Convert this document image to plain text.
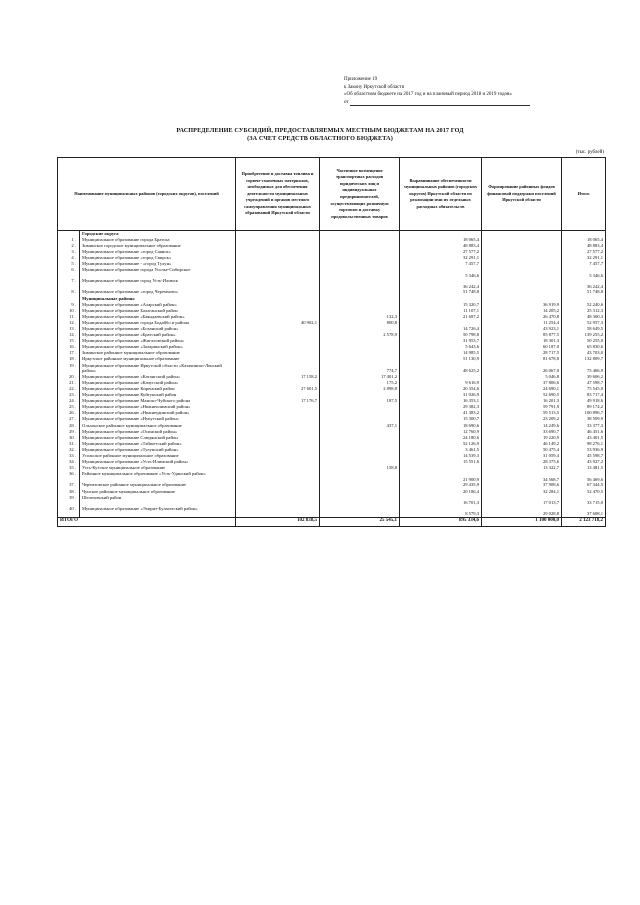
Приложение 19
к Закону Иркутской области
«Об областном бюджете на 2017 год и на плановый период 2018 и 2019 годов»
от
РАСПРЕДЕЛЕНИЕ СУБСИДИЙ, ПРЕДОСТАВЛЯЕМЫХ МЕСТНЫМ БЮДЖЕТАМ НА 2017 ГОД
(ЗА СЧЕТ СРЕДСТВ ОБЛАСТНОГО БЮДЖЕТА)
(тыс. рублей)
Наименование муниципальных районов (городских округов), поселений		Приобретение и доставка топлива и горюче-смазочных материалов, необходимых для обеспечения деятельности муниципальных учреждений и органов местного самоуправления муниципальных образований Иркутской области	Частичное возмещение транспортных расходов юридических лиц и индивидуальных предпринимателей, осуществляющих розничную торговлю и доставку продовольственных товаров	Выравнивание обеспеченности муниципальных районов (городских округов) Иркутской области по реализации ими их отдельных расходных обязательств	Формирование районных фондов финансовой поддержки поселений Иркутской области	Итого
	Городские округа					
1 .	Муниципальное образование города Братска			18 065,4		18 065,4
2 .	Зиминское городское муниципальное образование			48 883,4		48 883,4
3 .	Муниципальное образование «город Саянск»			27 577,2		27 577,2
4 .	Муниципальное образование «город Свирск»			32 291,1		32 291,1
5 .	Муниципальное образование - «город Тулун»			7 457,7		7 457,7
6 .	Муниципальное образование города Усолье-Сибирское			5 346,6		5 346,6
7 .	Муниципальное образование город Усть-Илимск			36 242,4		36 242,4
8 .	Муниципальное образование «город Черемхово»			51 748,8		51 748,8
	Муниципальные районы					
9 .	Муниципальное образование «Аларский район»			15 320,7	36 919,9	52 240,6
10 .	Муниципальное образование Балаганский район			11 107,1	14 205,2	25 312,3
11 .	Муниципальное образование «Баяндаевский район»		132,3	21 697,2	26 470,8	48 300,3
12 .	Муниципальное образование города Бодайбо и района	40 902,1	800,8		11 254,4	52 957,3
13 .	Муниципальное образование «Боханский район»			14 726,4	43 923,1	58 649,5
14 .	Муниципальное образование «Братский район»		2 578,9	50 798,8	85 877,5	139 255,2
15 .	Муниципальное образование «Жигаловский район»			31 953,7	18 301,3	50 255,0
16 .	Муниципальное образование «Заларинский район»			5 643,6	60 187,0	65 830,6
17 .	Зиминское районное муниципальное образование			14 985,5	28 717,5	43 703,0
18 .	Иркутское районное муниципальное образование			51 130,9	81 678,8	132 809,7
19 .	Муниципальное образование Иркутской области «Казачинско-Ленский район»		774,7	48 625,2	26 067,0	75 466,9
20 .	Муниципальное образование «Катангский район»	17 158,2	17 401,2		5 046,8	39 606,2
21 .	Муниципальное образование «Качугский район»		175,2	9 616,9	37 806,6	47 598,7
22 .	Муниципальное образование Киренский район	27 601,5	2 898,8	20 354,6	24 690,1	75 545,0
23 .	Муниципальное образование Куйтунский район			31 026,9	52 690,5	83 717,4
24 .	Муниципальное образование Мамско-Чуйского района	17 176,7	187,5	16 353,1	16 201,3	49 918,6
25 .	Муниципальное образование «Нижнеилимский район»			29 382,3	59 791,9	89 174,2
26 .	Муниципальное образование «Нижнеудинский район»			41 383,2	59 513,5	100 896,7
27 .	Муниципальное образование «Нукутский район»			15 300,7	23 209,2	38 509,9
28 .	Ольхонское районное муниципальное образование		437,1	18 690,6	14 249,6	33 377,3
29 .	Муниципальное образование «Осинский район»			12 760,9	33 690,7	46 451,6
30 .	Муниципальное образование Слюдянский район			24 180,6	19 220,9	43 401,5
31 .	Муниципальное образование «Тайшетский район»			52 126,9	46 149,2	98 276,1
32 .	Муниципальное образование «Тулунский район»			3 461,5	50 475,4	53 936,9
33 .	Усольское районное муниципальное образование			14 539,3	31 059,4	45 598,7
34 .	Муниципальное образование «Усть-Илимский район»			15 551,6	28 375,6	43 927,2
35 .	Усть-Кутское муниципальное образование		158,8		13 322,7	13 481,5
36 .	Районное муниципальное образование «Усть-Удинский район»			21 900,9	34 568,7	56 469,6
37 .	Черемховское районное муниципальное образование			29 435,9	37 908,6	67 344,5
38 .	Чунское районное муниципальное образование			20 186,4	32 284,1	52 470,5
39 .	Шелеховский район			16 701,3	17 013,7	33 715,0
40 .	Муниципальное образование «Эхирит-Булагатский район»			8 579,3	29 028,8	37 608,1
ИТОГО		102 838,5	25 545,1	895 334,6	1 100 000,0	2 123 718,2
